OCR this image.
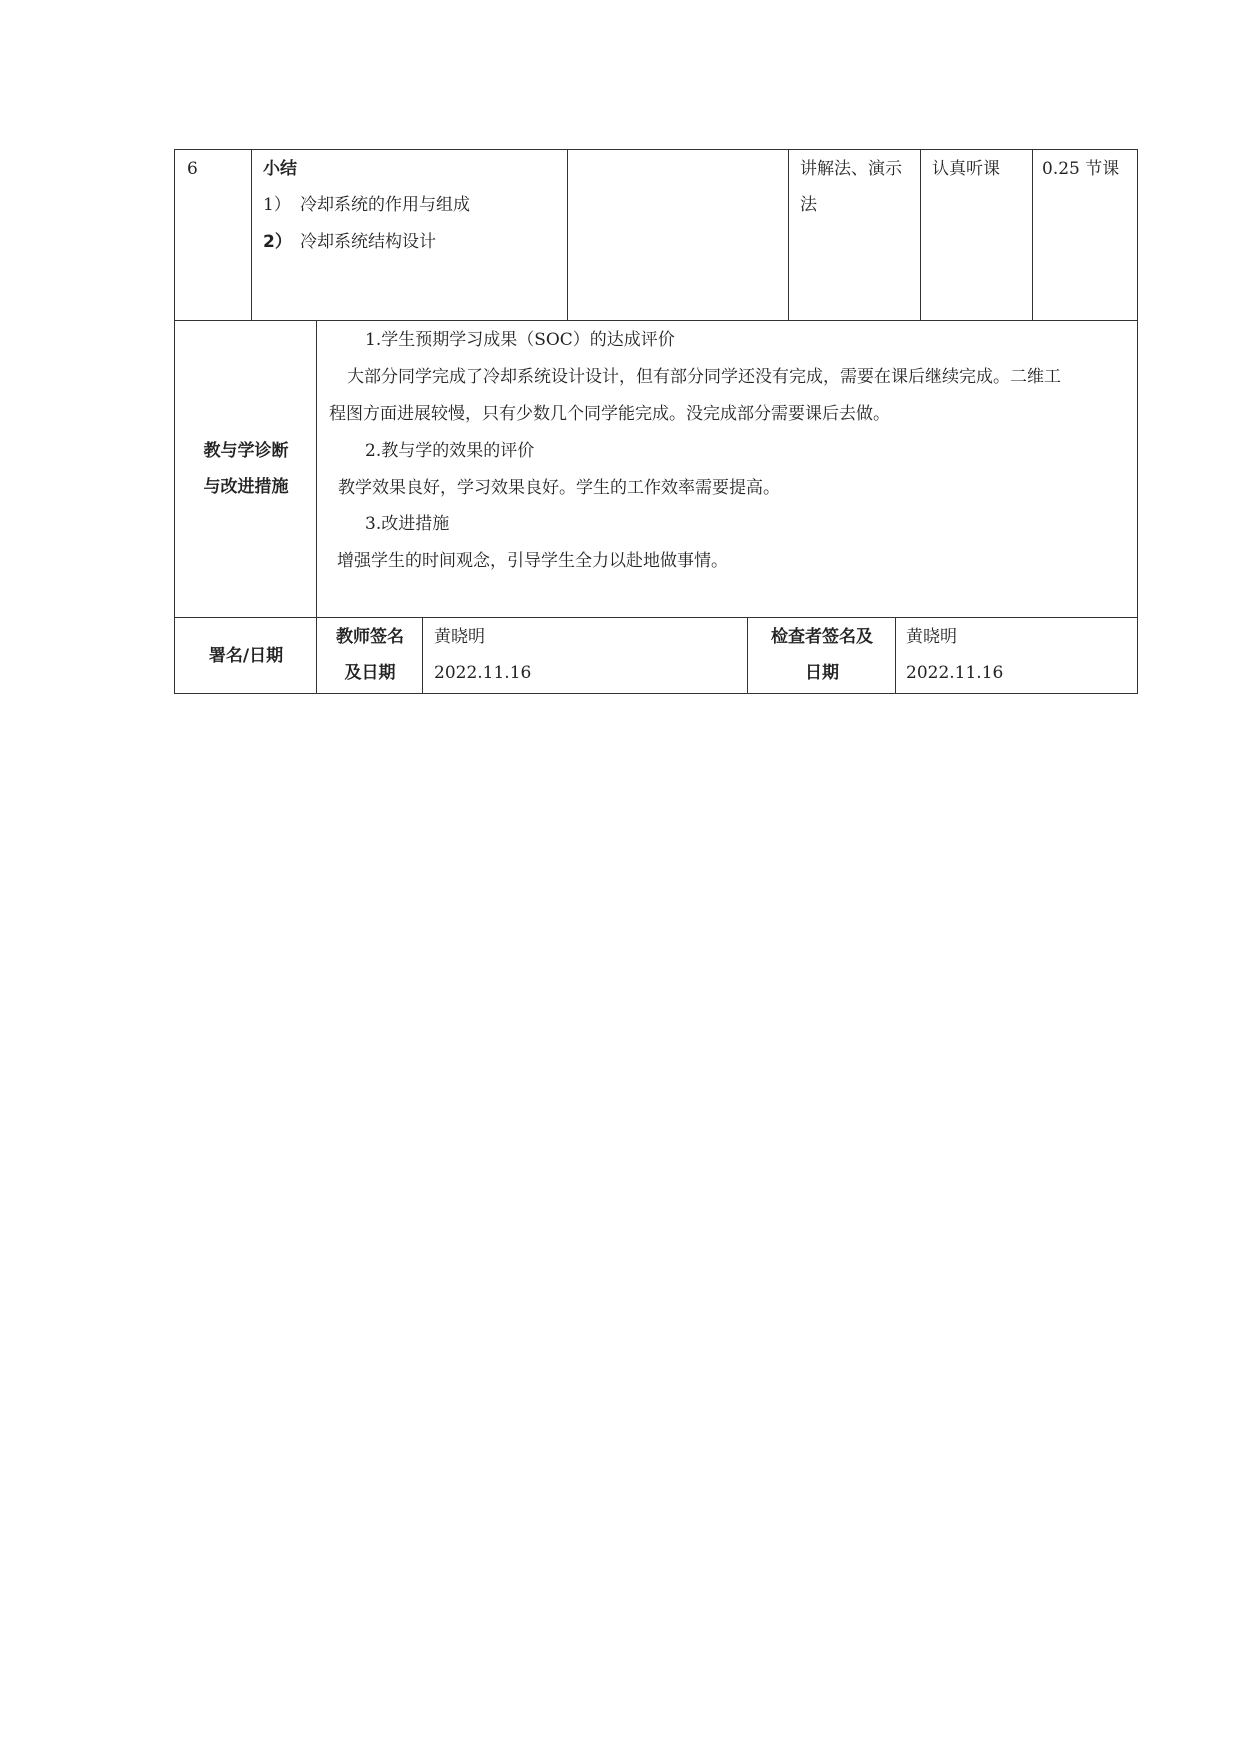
6	小结
1） 冷却系统的作用与组成
2） 冷却系统结构设计
讲解法、演示
法
认真听课 0.25 节课
教与学诊断
与改进措施
1.学生预期学习成果（SOC）的达成评价
大部分同学完成了冷却系统设计设计，但有部分同学还没有完成，需要在课后继续完成。二维工
程图方面进展较慢，只有少数几个同学能完成。没完成部分需要课后去做。
2.教与学的效果的评价
教学效果良好，学习效果良好。学生的工作效率需要提高。
3.改进措施
增强学生的时间观念，引导学生全力以赴地做事情。
署名/日期
教师签名
及日期
黄晓明
2022.11.16
检查者签名及
日期
黄晓明
2022.11.16
